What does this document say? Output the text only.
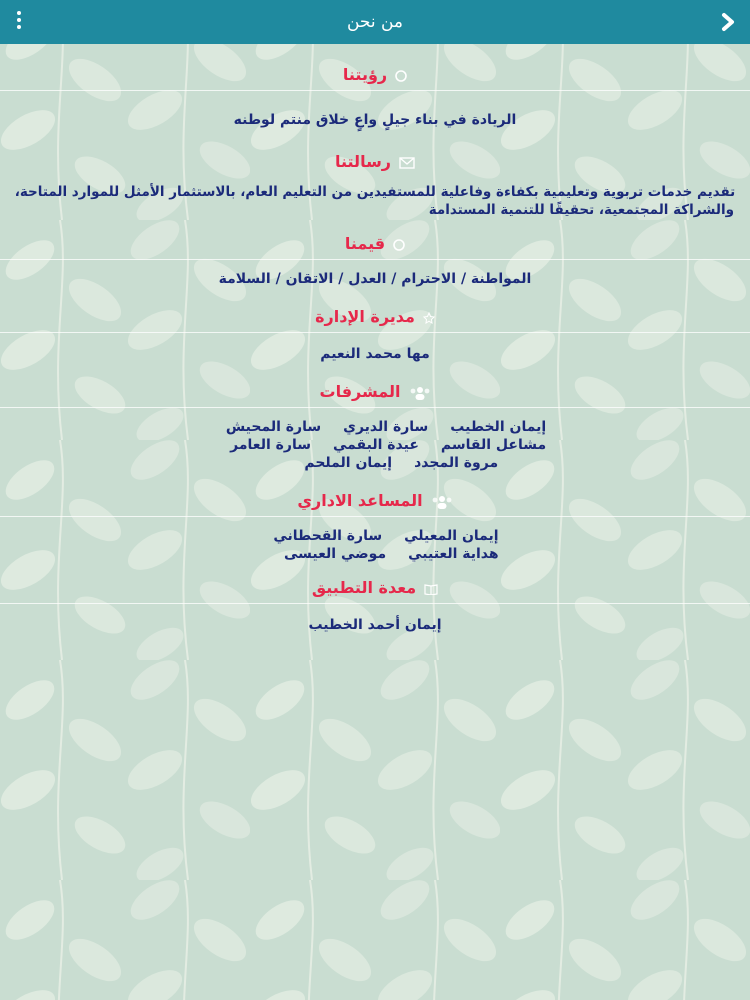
من نحن
رؤيتنا
الريادة في بناء جيلٍ واعٍ خلاق منتم لوطنه
رسالتنا
تقديم خدمات تربوية وتعليمية بكفاءة وفاعلية للمستفيدين من التعليم العام، بالاستثمار الأمثل للموارد المتاحة،
والشراكة المجتمعية، تحقيقًا للتنمية المستدامة
قيمنا
المواطنة / الاحترام / العدل / الاتقان / السلامة
مديرة الإدارة
مها محمد النعيم
المشرفات
إيمان الخطيبسارة الديريسارة المحيش
مشاعل القاسمعيدة البقميسارة العامر
مروة المجددإيمان الملحم
المساعد الاداري
إيمان المعيليسارة القحطاني
هداية العتيبيموضي العيسى
معدة التطبيق
إيمان أحمد الخطيب
